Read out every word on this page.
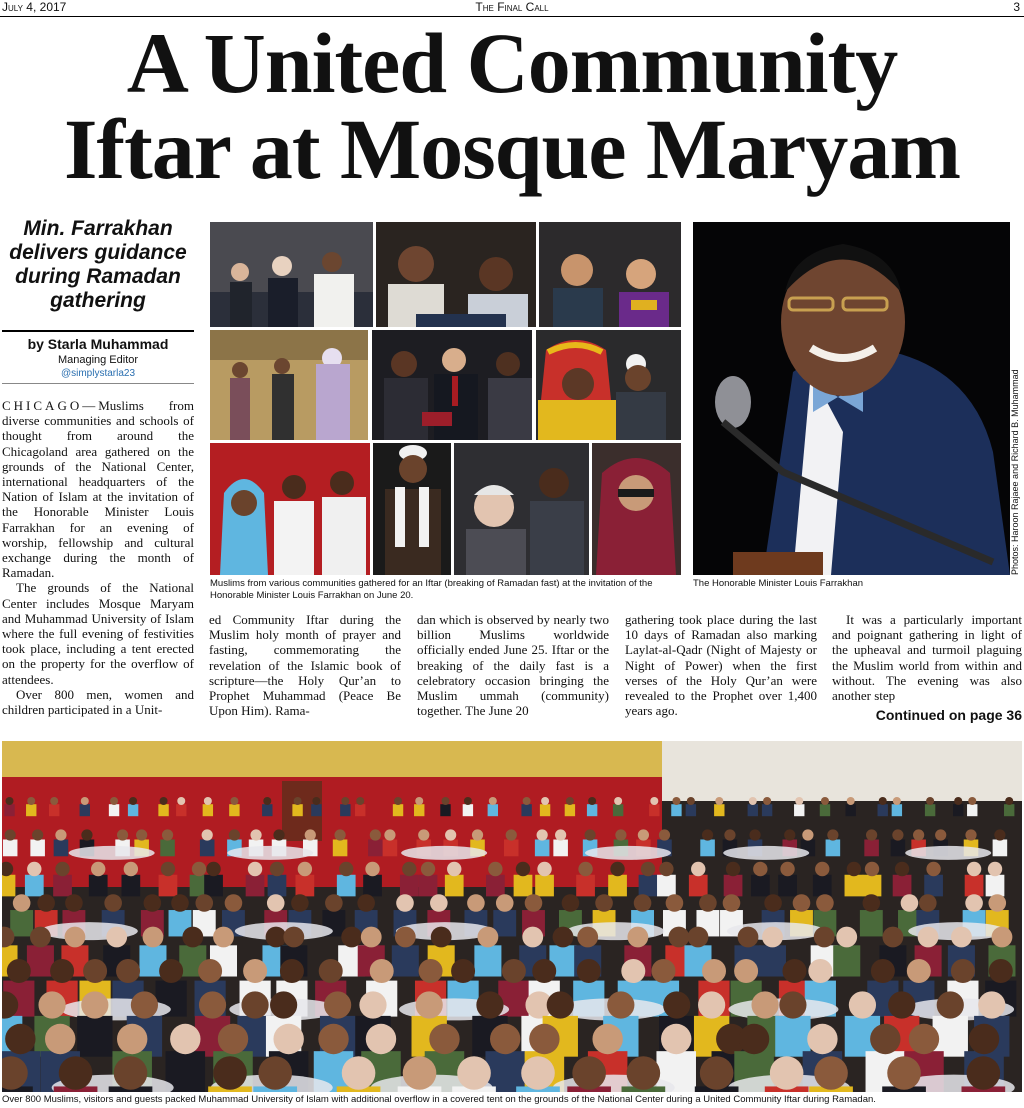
July 4, 2017	The Final Call	3
A United Community
Iftar at Mosque Maryam
Min. Farrakhan delivers guidance during Ramadan gathering
by Starla Muhammad
Managing Editor
@simplystarla23

CHICAGO—Muslims from diverse communities and schools of thought from around the Chicagoland area gathered on the grounds of the National Center, international headquarters of the Nation of Islam at the invitation of the Honorable Minister Louis Farrakhan for an evening of worship, fellowship and cultural exchange during the month of Ramadan.

The grounds of the National Center includes Mosque Maryam and Muhammad University of Islam where the full evening of festivities took place, including a tent erected on the property for the overflow of attendees.

Over 800 men, women and children participated in a Unit-

ed Community Iftar during the Muslim holy month of prayer and fasting, commemorating the revelation of the Islamic book of scripture—the Holy Qur’an to Prophet Muhammad (Peace Be Upon Him). Rama-

dan which is observed by nearly two billion Muslims worldwide officially ended June 25. Iftar or the breaking of the daily fast is a celebratory occasion bringing the Muslim ummah (community) together. The June 20

gathering took place during the last 10 days of Ramadan also marking Laylat-al-Qadr (Night of Majesty or Night of Power) when the first verses of the Holy Qur’an were revealed to the Prophet over 1,400 years ago.

It was a particularly important and poignant gathering in light of the upheaval and turmoil plaguing the Muslim world from within and without. The evening was also another step

Continued on page 36
Muslims from various communities gathered for an Iftar (breaking of Ramadan fast) at the invitation of the Honorable Minister Louis Farrakhan on June 20.
The Honorable Minister Louis Farrakhan
Photos: Haroon Rajaee and Richard B. Muhammad
Over 800 Muslims, visitors and guests packed Muhammad University of Islam with additional overflow in a covered tent on the grounds of the National Center during a United Community Iftar during Ramadan.
